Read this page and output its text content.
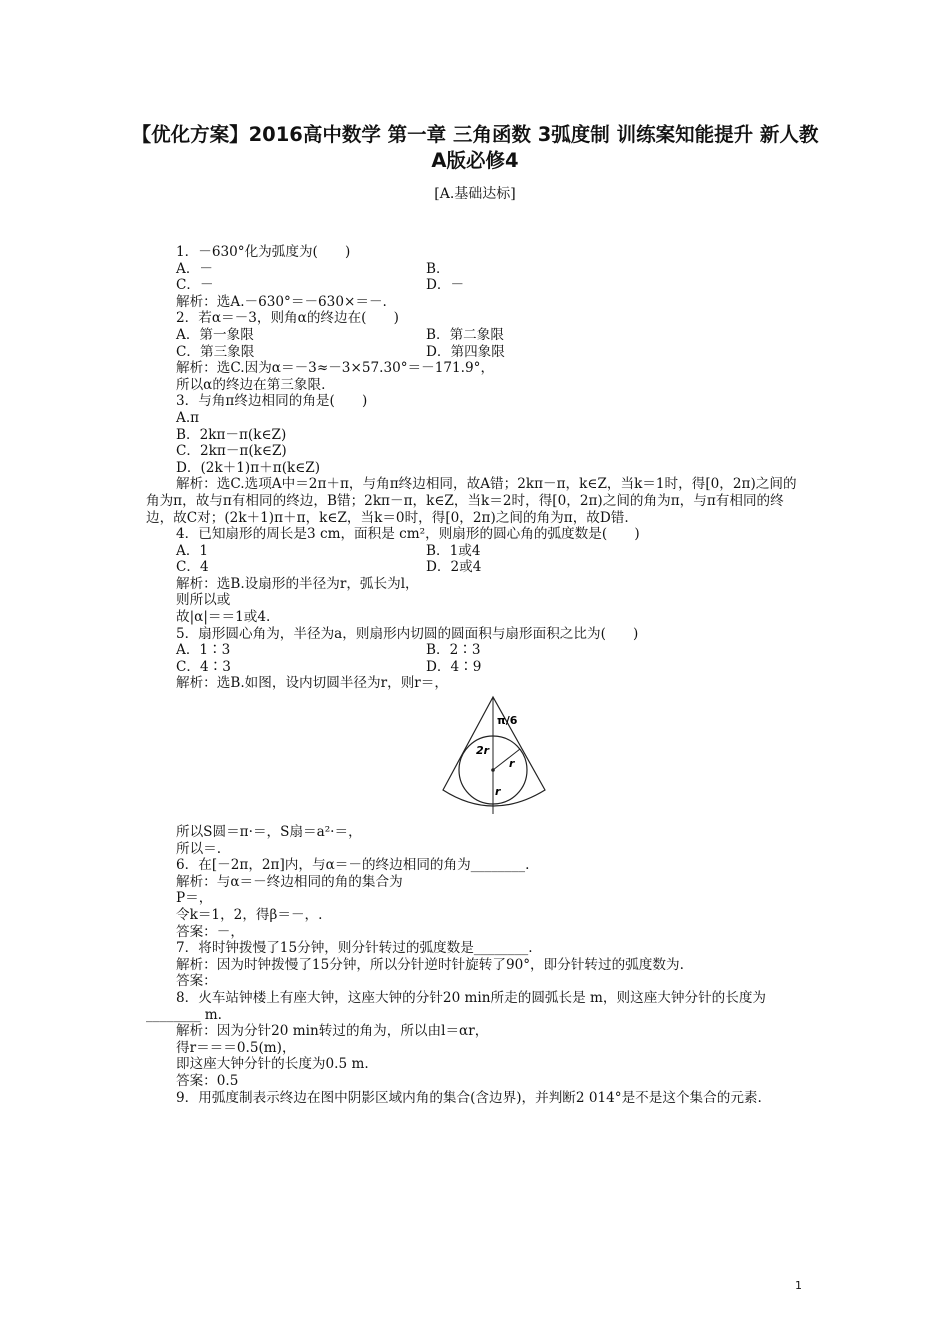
【优化方案】2016高中数学 第一章 三角函数 3弧度制 训练案知能提升 新人教A版必修4
[A.基础达标]
1．－630°化为弧度为(　　)
A．－	B．
C．－	D．－
解析：选A.－630°＝－630×＝－.
2．若α＝－3，则角α的终边在(　　)
A．第一象限	B．第二象限
C．第三象限	D．第四象限
解析：选C.因为α＝－3≈－3×57.30°＝－171.9°，
所以α的终边在第三象限.
3．与角π终边相同的角是(　　)
A.π
B．2kπ－π(k∈Z)
C．2kπ－π(k∈Z)
D．(2k＋1)π＋π(k∈Z)
解析：选C.选项A中＝2π＋π，与角π终边相同，故A错；2kπ－π，k∈Z，当k＝1时，得[0，2π)之间的角为π，故与π有相同的终边，B错；2kπ－π，k∈Z，当k＝2时，得[0，2π)之间的角为π，与π有相同的终边，故C对；(2k＋1)π＋π，k∈Z，当k＝0时，得[0，2π)之间的角为π，故D错.
4．已知扇形的周长是3 cm，面积是 cm²，则扇形的圆心角的弧度数是(　　)
A．1	B．1或4
C．4	D．2或4
解析：选B.设扇形的半径为r，弧长为l，
则所以或
故|α|＝＝1或4.
5．扇形圆心角为，半径为a，则扇形内切圆的圆面积与扇形面积之比为(　　)
A．1∶3	B．2∶3
C．4∶3	D．4∶9
解析：选B.如图，设内切圆半径为r，则r＝，
π/6
2r
r
r
所以S圆＝π·＝，S扇＝a²·＝，
所以＝.
6．在[－2π，2π]内，与α＝－的终边相同的角为________.
解析：与α＝－终边相同的角的集合为
P＝，
令k＝1，2，得β＝－，.
答案：－，
7．将时钟拨慢了15分钟，则分针转过的弧度数是________.
解析：因为时钟拨慢了15分钟，所以分针逆时针旋转了90°，即分针转过的弧度数为.
答案：
8．火车站钟楼上有座大钟，这座大钟的分针20 min所走的圆弧长是 m，则这座大钟分针的长度为________ m.
解析：因为分针20 min转过的角为，所以由l＝αr，
得r＝＝＝0.5(m)，
即这座大钟分针的长度为0.5 m.
答案：0.5
9．用弧度制表示终边在图中阴影区域内角的集合(含边界)，并判断2 014°是不是这个集合的元素.
1
